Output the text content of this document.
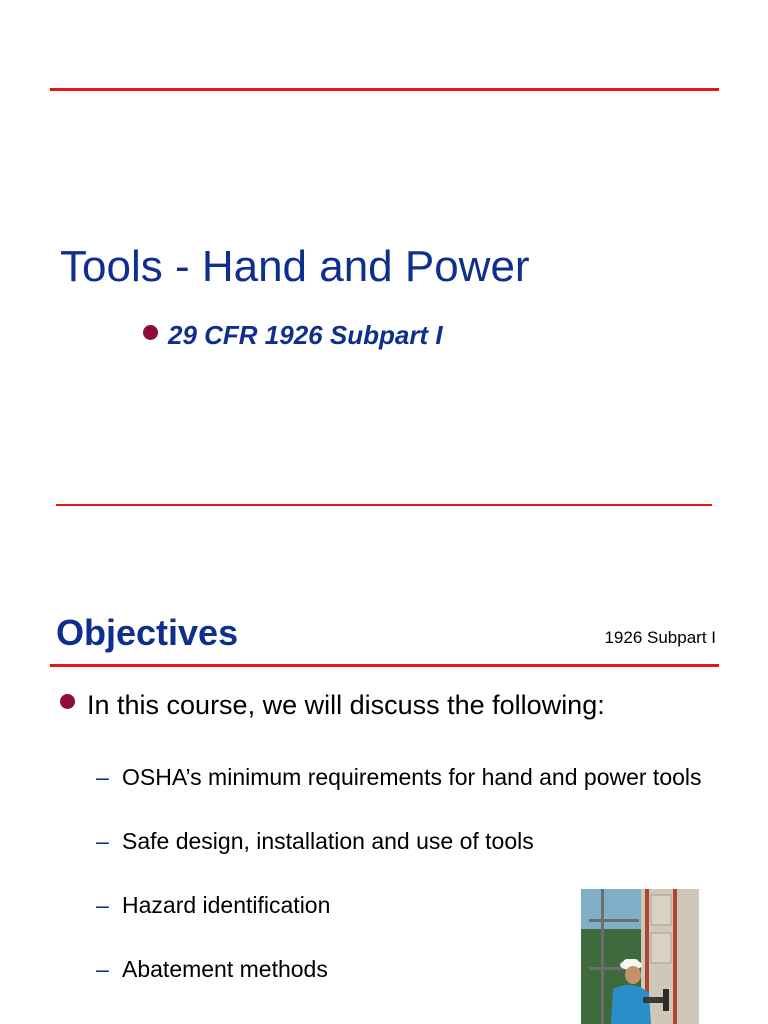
Tools - Hand and Power
29 CFR 1926 Subpart I
Objectives	1926 Subpart I
In this course, we will discuss the following:
– OSHA’s minimum requirements for hand and power tools
– Safe design, installation and use of tools
– Hazard identification
– Abatement methods
